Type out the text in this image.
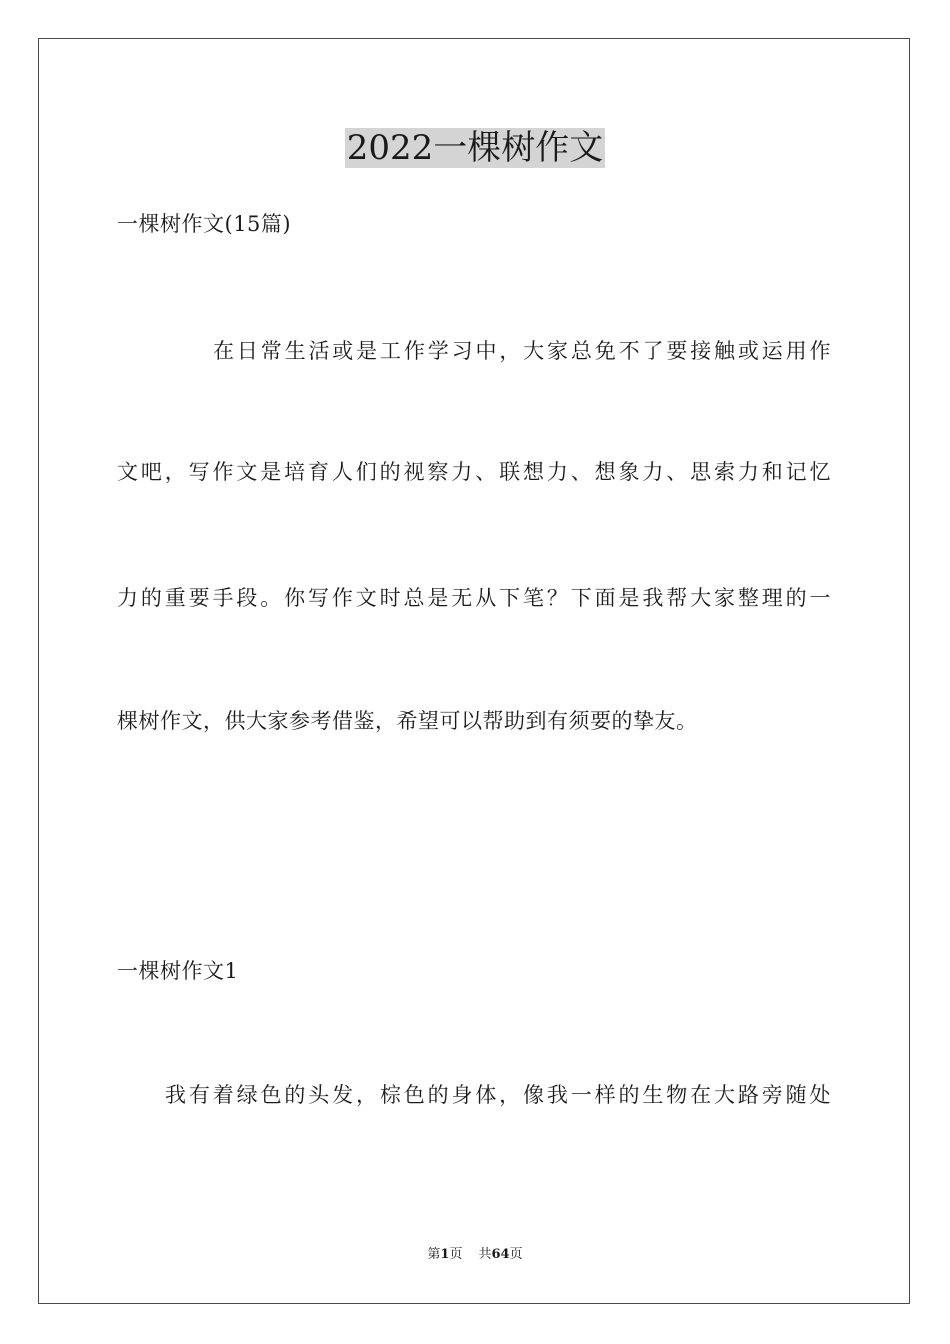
2022一棵树作文
一棵树作文(15篇)
在日常生活或是工作学习中，大家总免不了要接触或运用作
文吧，写作文是培育人们的视察力、联想力、想象力、思索力和记忆
力的重要手段。你写作文时总是无从下笔？下面是我帮大家整理的一
棵树作文，供大家参考借鉴，希望可以帮助到有须要的挚友。
一棵树作文1
我有着绿色的头发，棕色的身体，像我一样的生物在大路旁随处
第1页 共64页
